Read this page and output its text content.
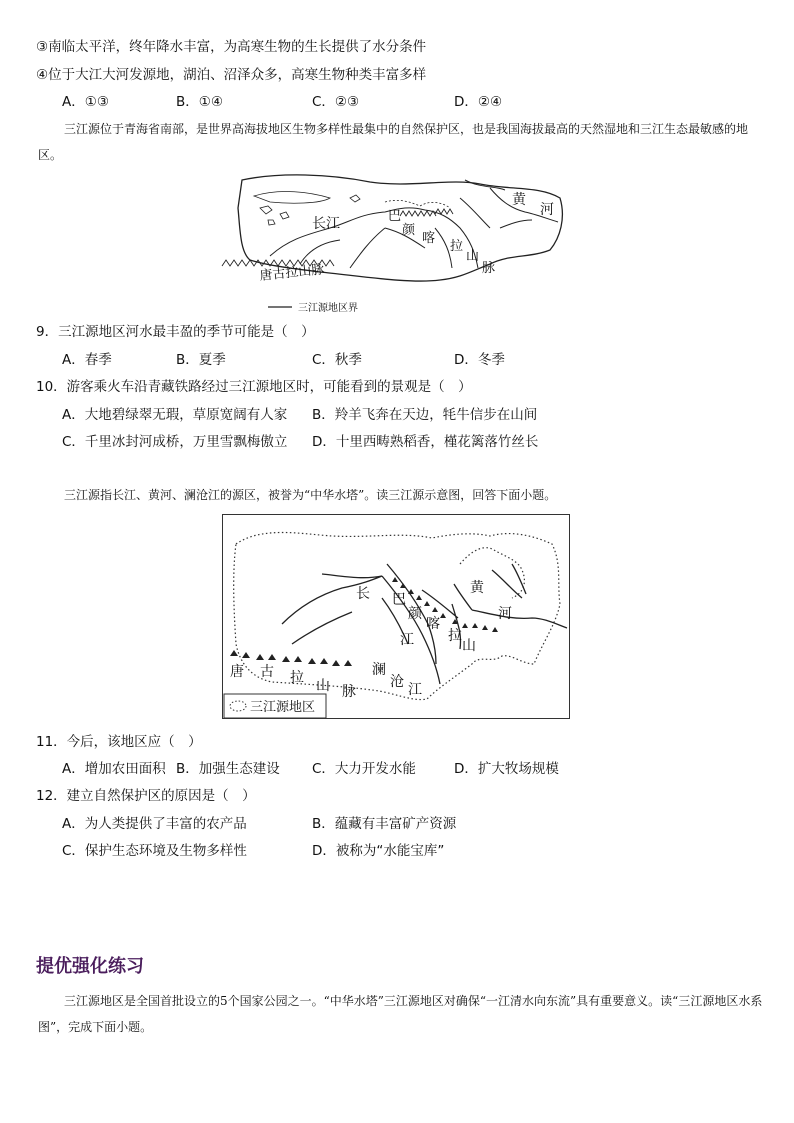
③南临太平洋，终年降水丰富，为高寒生物的生长提供了水分条件
④位于大江大河发源地，湖泊、沼泽众多，高寒生物种类丰富多样
A．①③	B．①④	C．②③	D．②④
三江源位于青海省南部，是世界高海拔地区生物多样性最集中的自然保护区，也是我国海拔最高的天然湿地和三江生态最敏感的地区。
长江	巴
颜
喀
拉
山
脉
黄
河
唐古拉山脉
三江源地区界
9．三江源地区河水最丰盈的季节可能是（　）
A．春季	B．夏季	C．秋季	D．冬季
10．游客乘火车沿青藏铁路经过三江源地区时，可能看到的景观是（　）
A．大地碧绿翠无瑕，草原宽阔有人家 B．羚羊飞奔在天边，牦牛信步在山间
C．千里冰封河成桥，万里雪飘梅傲立 D．十里西畴熟稻香，槿花篱落竹丝长
三江源指长江、黄河、澜沧江的源区，被誉为“中华水塔”。读三江源示意图，回答下面小题。
长
江
黄
河
巴
颜
喀
拉
山
澜
沧 江
唐 古 拉 山 脉
三江源地区
11．今后，该地区应（　）
A．增加农田面积 B．加强生态建设 C．大力开发水能	D．扩大牧场规模
12．建立自然保护区的原因是（　）
A．为人类提供了丰富的农产品	B．蕴藏有丰富矿产资源
C．保护生态环境及生物多样性	D．被称为“水能宝库”
提优强化练习
三江源地区是全国首批设立的5个国家公园之一。“中华水塔”三江源地区对确保“一江清水向东流”具有重要意义。读“三江源地区水系图”，完成下面小题。
